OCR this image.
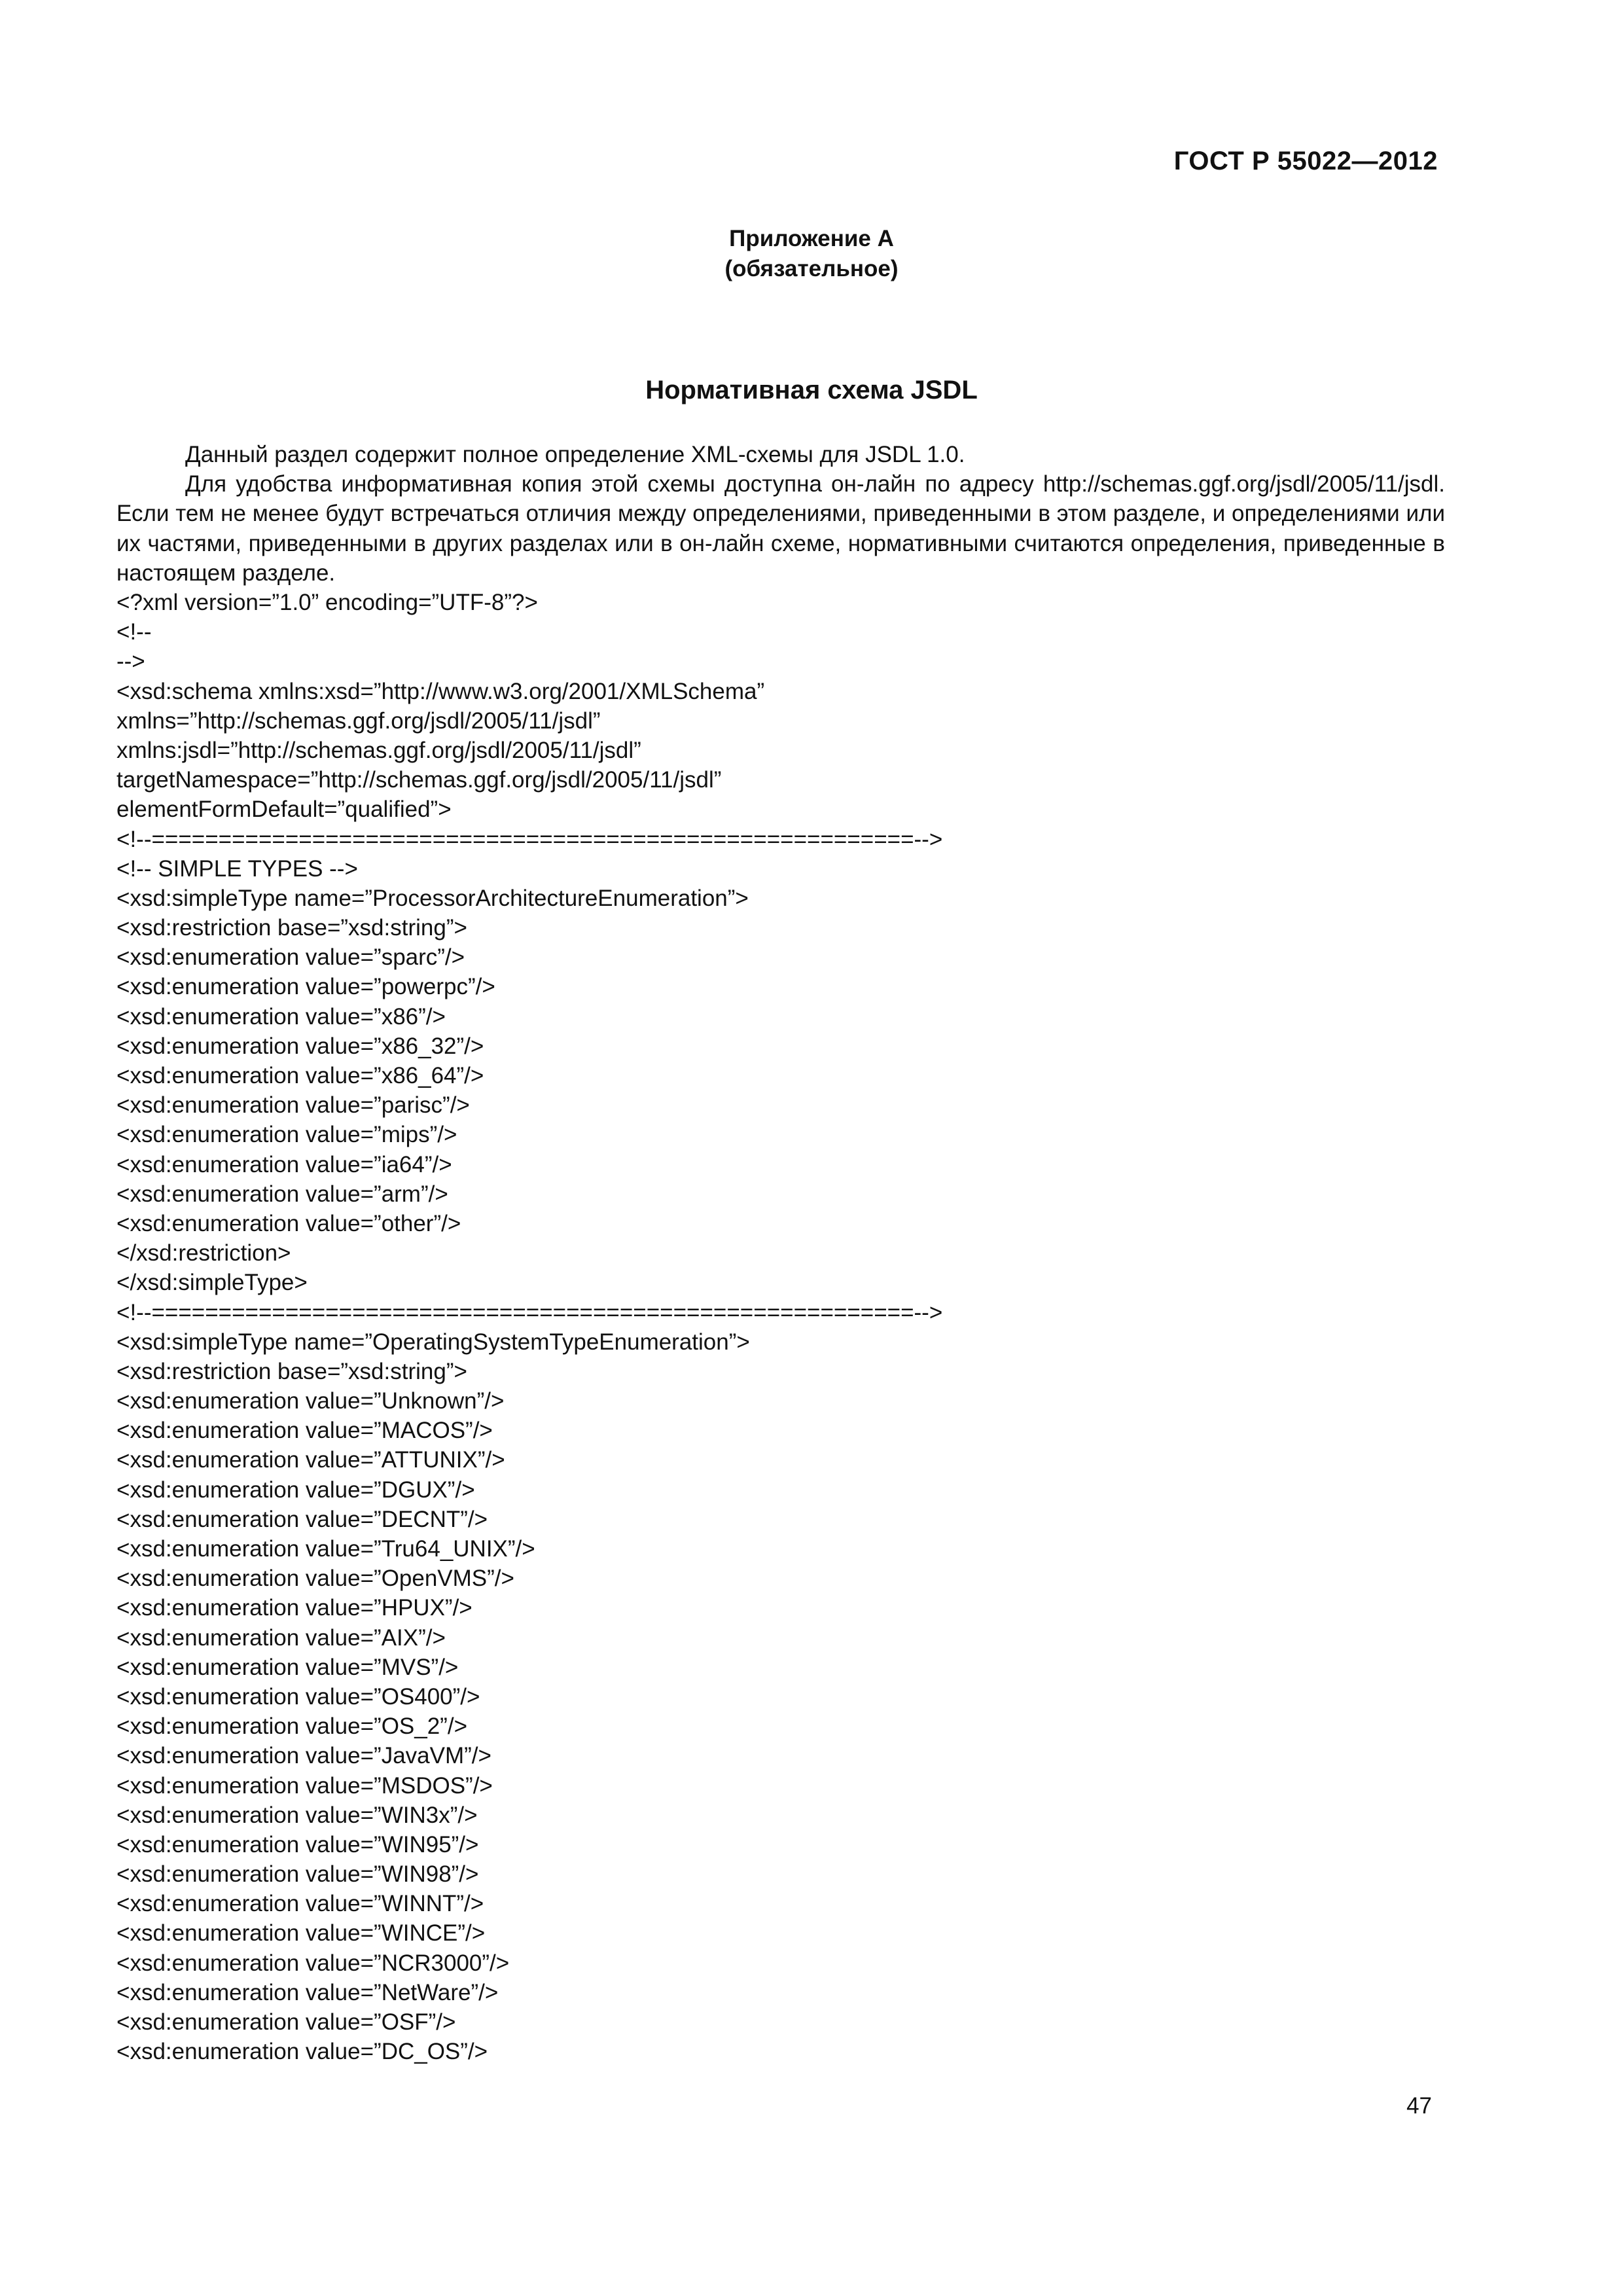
ГОСТ Р 55022—2012
Приложение А
(обязательное)
Нормативная схема JSDL

Данный раздел содержит полное определение XML-схемы для JSDL 1.0.

Для удобства информативная копия этой схемы доступна он-лайн по адресу http://schemas.ggf.org/jsdl/2005/11/jsdl. Если тем не менее будут встречаться отличия между определениями, приведенными в этом разделе, и определениями или их частями, приведенными в других разделах или в он-лайн схеме, нормативными считаются определения, приведенные в настоящем разделе.

<?xml version=”1.0” encoding=”UTF-8”?>
<!--
-->
<xsd:schema xmlns:xsd=”http://www.w3.org/2001/XMLSchema”
xmlns=”http://schemas.ggf.org/jsdl/2005/11/jsdl”
xmlns:jsdl=”http://schemas.ggf.org/jsdl/2005/11/jsdl”
targetNamespace=”http://schemas.ggf.org/jsdl/2005/11/jsdl”
elementFormDefault=”qualified”>
<!--=========================================================-->
<!-- SIMPLE TYPES -->
<xsd:simpleType name=”ProcessorArchitectureEnumeration”>
<xsd:restriction base=”xsd:string”>
<xsd:enumeration value=”sparc”/>
<xsd:enumeration value=”powerpc”/>
<xsd:enumeration value=”x86”/>
<xsd:enumeration value=”x86_32”/>
<xsd:enumeration value=”x86_64”/>
<xsd:enumeration value=”parisc”/>
<xsd:enumeration value=”mips”/>
<xsd:enumeration value=”ia64”/>
<xsd:enumeration value=”arm”/>
<xsd:enumeration value=”other”/>
</xsd:restriction>
</xsd:simpleType>
<!--=========================================================-->
<xsd:simpleType name=”OperatingSystemTypeEnumeration”>
<xsd:restriction base=”xsd:string”>
<xsd:enumeration value=”Unknown”/>
<xsd:enumeration value=”MACOS”/>
<xsd:enumeration value=”ATTUNIX”/>
<xsd:enumeration value=”DGUX”/>
<xsd:enumeration value=”DECNT”/>
<xsd:enumeration value=”Tru64_UNIX”/>
<xsd:enumeration value=”OpenVMS”/>
<xsd:enumeration value=”HPUX”/>
<xsd:enumeration value=”AIX”/>
<xsd:enumeration value=”MVS”/>
<xsd:enumeration value=”OS400”/>
<xsd:enumeration value=”OS_2”/>
<xsd:enumeration value=”JavaVM”/>
<xsd:enumeration value=”MSDOS”/>
<xsd:enumeration value=”WIN3x”/>
<xsd:enumeration value=”WIN95”/>
<xsd:enumeration value=”WIN98”/>
<xsd:enumeration value=”WINNT”/>
<xsd:enumeration value=”WINCE”/>
<xsd:enumeration value=”NCR3000”/>
<xsd:enumeration value=”NetWare”/>
<xsd:enumeration value=”OSF”/>
<xsd:enumeration value=”DC_OS”/>
47
